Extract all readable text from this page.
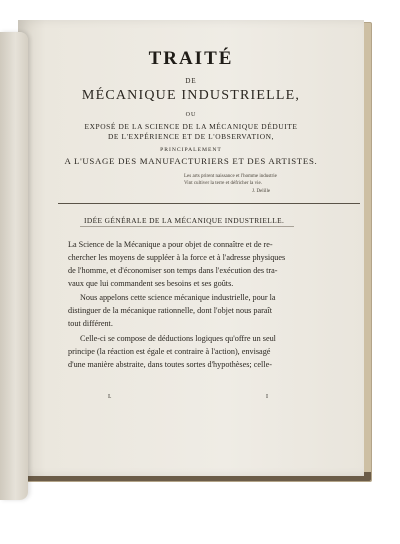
TRAITÉ
DE
MÉCANIQUE INDUSTRIELLE,
OU
EXPOSÉ DE LA SCIENCE DE LA MÉCANIQUE DÉDUITE
DE L'EXPÉRIENCE ET DE L'OBSERVATION,
PRINCIPALEMENT
A L'USAGE DES MANUFACTURIERS ET DES ARTISTES.
Les arts prirent naissance et l'homme industrie
Vint cultiver la terre et défricher la vie.
J. Delille
IDÉE GÉNÉRALE DE LA MÉCANIQUE INDUSTRIELLE.
La Science de la Mécanique a pour objet de connaître et de re-
chercher les moyens de suppléer à la force et à l'adresse physiques
de l'homme, et d'économiser son temps dans l'exécution des tra-
vaux que lui commandent ses besoins et ses goûts.
Nous appelons cette science mécanique industrielle, pour la
distinguer de la mécanique rationnelle, dont l'objet nous paraît
tout différent.
Celle-ci se compose de déductions logiques qu'offre un seul
principe (la réaction est égale et contraire à l'action), envisagé
d'une manière abstraite, dans toutes sortes d'hypothèses; celle-
I.	I
